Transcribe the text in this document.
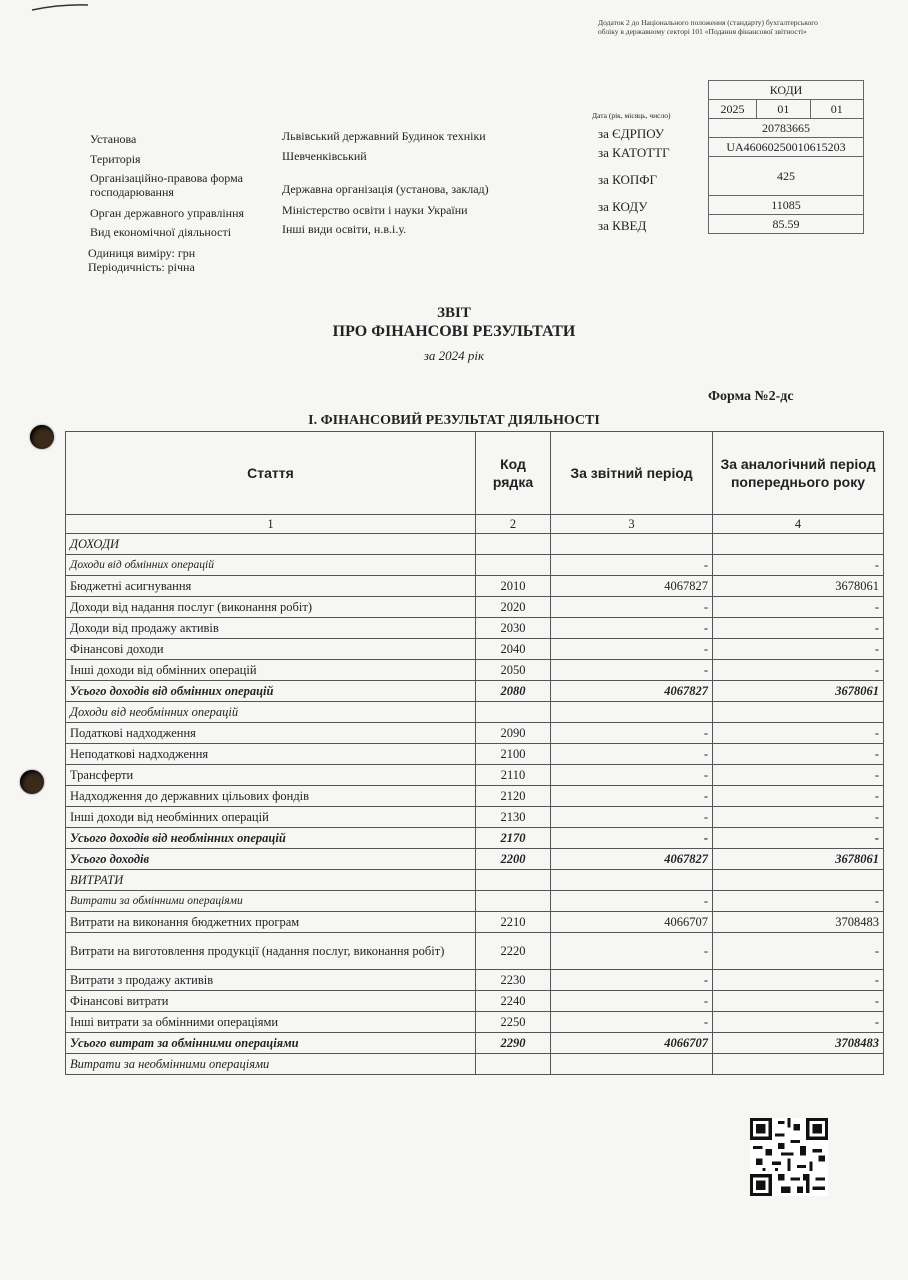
Додаток 2 до Національного положення (стандарту) бухгалтерського обліку в державному секторі 101 «Подання фінансової звітності»
Дата (рік, місяць, число)
	КОДИ		
	2025	01	01
	20783665		
	UA46060250010615203		
	425		
	11085		
	85.59		
Установа	Львівський державний Будинок техніки	за ЄДРПОУ
Територія	Шевченківський	за КАТОТТГ
Організаційно-правова форма
господарювання	Державна організація (установа, заклад)
за КОПФГ
Орган державного управління	Міністерство освіти і науки України	за КОДУ
Вид економічної діяльності	Інші види освіти, н.в.і.у.	за КВЕД
Одиниця виміру: грн
Періодичність: річна
ЗВІТ
ПРО ФІНАНСОВІ РЕЗУЛЬТАТИ
за 2024 рік
Форма №2-дс
І. ФІНАНСОВИЙ РЕЗУЛЬТАТ ДІЯЛЬНОСТІ
Стаття	Код рядка	За звітний період	За аналогічний період попереднього року
1	2	3	4
ДОХОДИ			
Доходи від обмінних операцій		-	-
Бюджетні асигнування	2010	4067827	3678061
Доходи від надання послуг (виконання робіт)	2020	-	-
Доходи від продажу активів	2030	-	-
Фінансові доходи	2040	-	-
Інші доходи від обмінних операцій	2050	-	-
Усього доходів від обмінних операцій	2080	4067827	3678061
Доходи від необмінних операцій			
Податкові надходження	2090	-	-
Неподаткові надходження	2100	-	-
Трансферти	2110	-	-
Надходження до державних цільових фондів	2120	-	-
Інші доходи від необмінних операцій	2130	-	-
Усього доходів від необмінних операцій	2170	-	-
Усього доходів	2200	4067827	3678061
ВИТРАТИ			
Витрати за обмінними операціями		-	-
Витрати на виконання бюджетних програм	2210	4066707	3708483
Витрати на виготовлення продукції (надання послуг, виконання робіт)	2220	-	-
Витрати з продажу активів	2230	-	-
Фінансові витрати	2240	-	-
Інші витрати за обмінними операціями	2250	-	-
Усього витрат за обмінними операціями	2290	4066707	3708483
Витрати за необмінними операціями			
